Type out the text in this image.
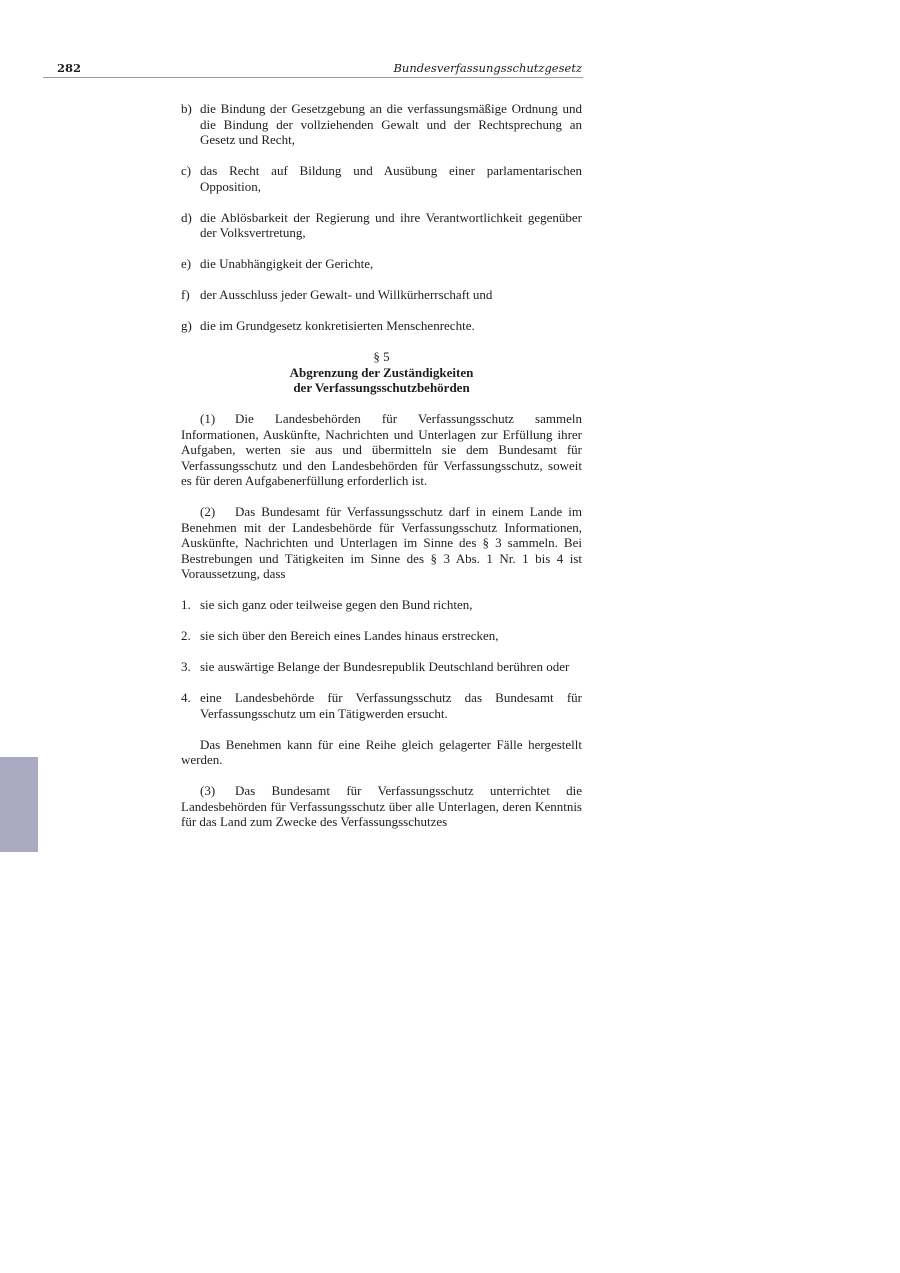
282	Bundesverfassungsschutzgesetz
b) die Bindung der Gesetzgebung an die verfassungsmäßige Ordnung und die Bindung der vollziehenden Gewalt und der Rechtsprechung an Gesetz und Recht,
c) das Recht auf Bildung und Ausübung einer parlamentarischen Opposition,
d) die Ablösbarkeit der Regierung und ihre Verantwortlichkeit gegenüber der Volksvertretung,
e) die Unabhängigkeit der Gerichte,
f) der Ausschluss jeder Gewalt- und Willkürherrschaft und
g) die im Grundgesetz konkretisierten Menschenrechte.
§ 5
Abgrenzung der Zuständigkeiten
der Verfassungsschutzbehörden
(1) Die Landesbehörden für Verfassungsschutz sammeln Informationen, Auskünfte, Nachrichten und Unterlagen zur Erfüllung ihrer Aufgaben, werten sie aus und übermitteln sie dem Bundesamt für Verfassungsschutz und den Landesbehörden für Verfassungsschutz, soweit es für deren Aufgabenerfüllung erforderlich ist.
(2) Das Bundesamt für Verfassungsschutz darf in einem Lande im Benehmen mit der Landesbehörde für Verfassungsschutz Informationen, Auskünfte, Nachrichten und Unterlagen im Sinne des § 3 sammeln. Bei Bestrebungen und Tätigkeiten im Sinne des § 3 Abs. 1 Nr. 1 bis 4 ist Voraussetzung, dass
1. sie sich ganz oder teilweise gegen den Bund richten,
2. sie sich über den Bereich eines Landes hinaus erstrecken,
3. sie auswärtige Belange der Bundesrepublik Deutschland berühren oder
4. eine Landesbehörde für Verfassungsschutz das Bundesamt für Verfassungsschutz um ein Tätigwerden ersucht.
Das Benehmen kann für eine Reihe gleich gelagerter Fälle hergestellt werden.
(3) Das Bundesamt für Verfassungsschutz unterrichtet die Landesbehörden für Verfassungsschutz über alle Unterlagen, deren Kenntnis für das Land zum Zwecke des Verfassungsschutzes
